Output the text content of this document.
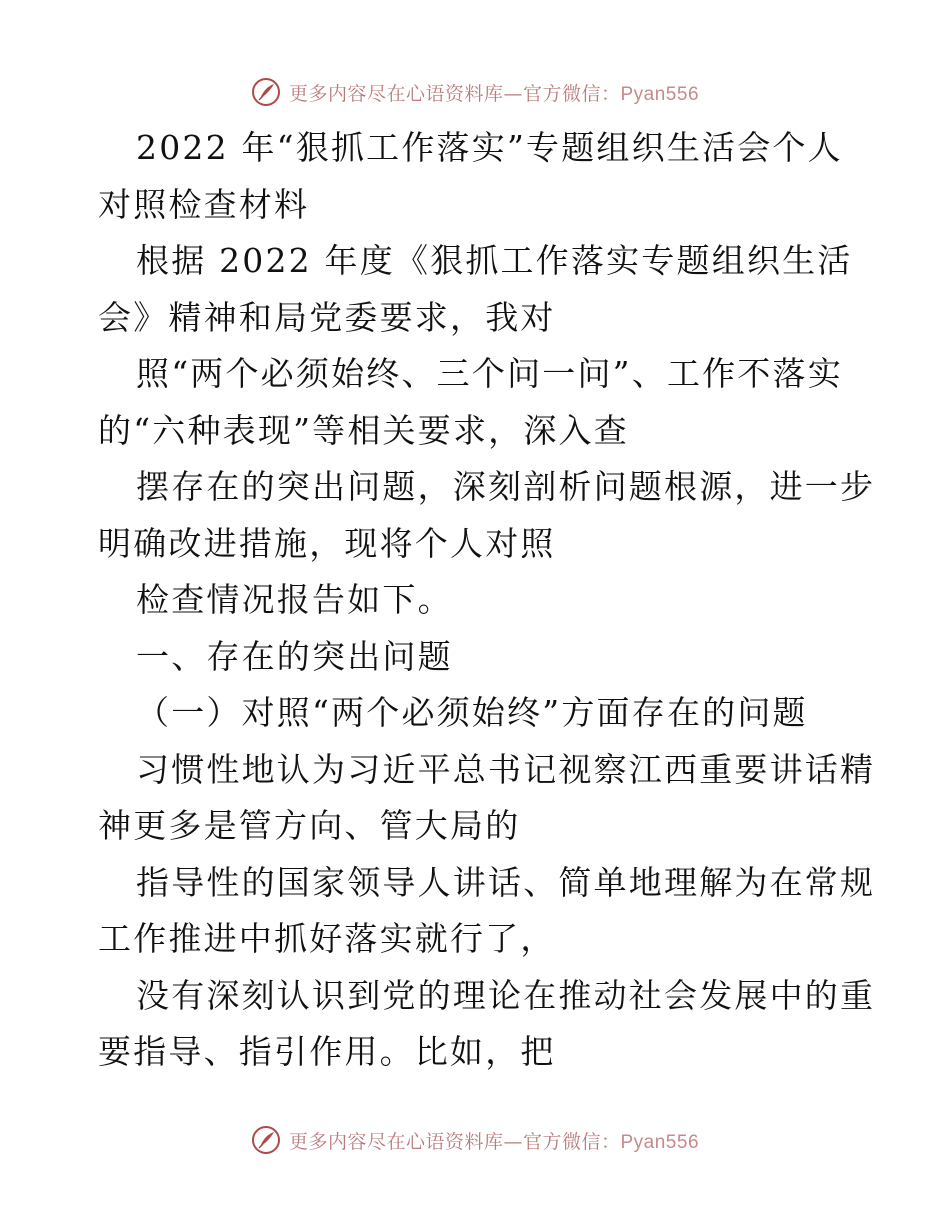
更多内容尽在心语资料库—官方微信：Pyan556
2022 年“狠抓工作落实”专题组织生活会个人
对照检查材料
根据 2022 年度《狠抓工作落实专题组织生活
会》精神和局党委要求，我对
照“两个必须始终、三个问一问”、工作不落实
的“六种表现”等相关要求，深入查
摆存在的突出问题，深刻剖析问题根源，进一步
明确改进措施，现将个人对照
检查情况报告如下。
一、存在的突出问题
（一）对照“两个必须始终”方面存在的问题
习惯性地认为习近平总书记视察江西重要讲话精
神更多是管方向、管大局的
指导性的国家领导人讲话、简单地理解为在常规
工作推进中抓好落实就行了，
没有深刻认识到党的理论在推动社会发展中的重
要指导、指引作用。比如，把
更多内容尽在心语资料库—官方微信：Pyan556
